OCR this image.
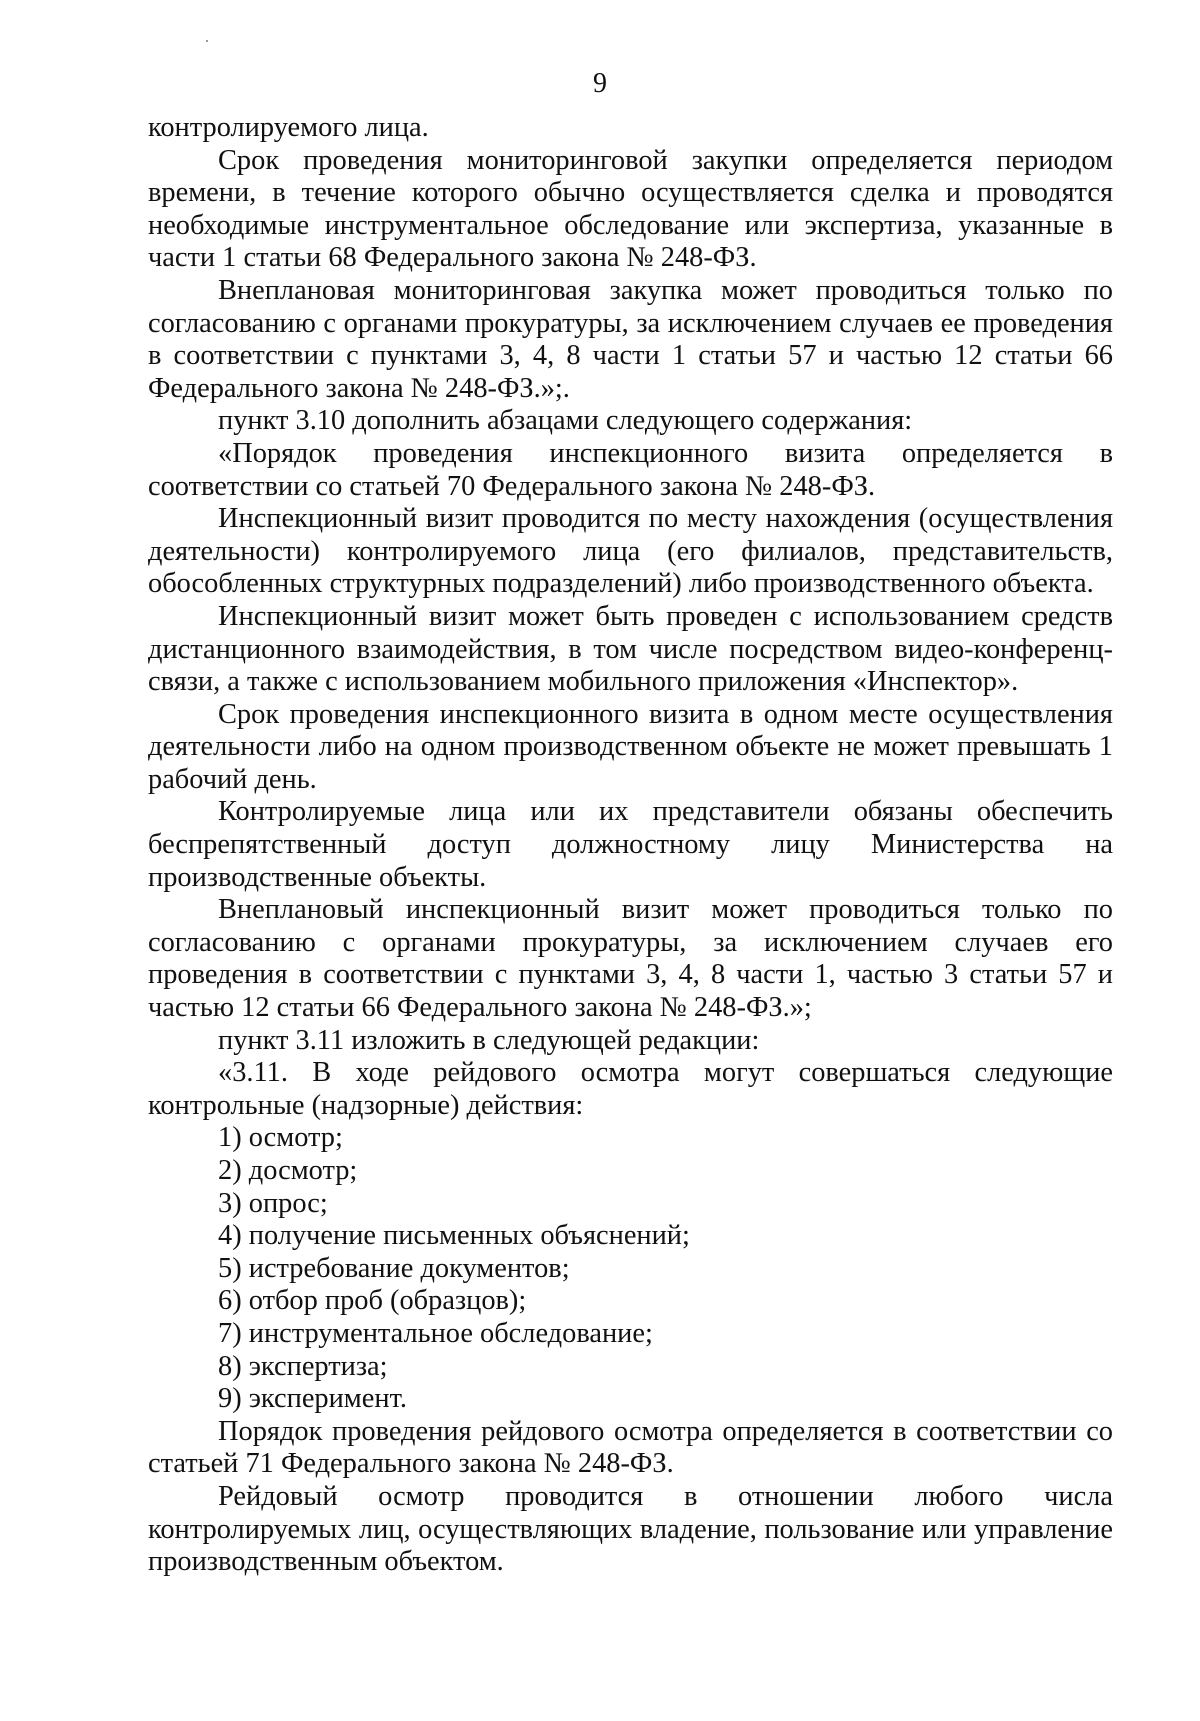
9

контролируемого лица.

Срок проведения мониторинговой закупки определяется периодом времени, в течение которого обычно осуществляется сделка и проводятся необходимые инструментальное обследование или экспертиза, указанные в части 1 статьи 68 Федерального закона № 248-ФЗ.

Внеплановая мониторинговая закупка может проводиться только по согласованию с органами прокуратуры, за исключением случаев ее проведения в соответствии с пунктами 3, 4, 8 части 1 статьи 57 и частью 12 статьи 66 Федерального закона № 248-ФЗ.»;.

пункт 3.10 дополнить абзацами следующего содержания:

«Порядок проведения инспекционного визита определяется в соответствии со статьей 70 Федерального закона № 248-ФЗ.

Инспекционный визит проводится по месту нахождения (осуществления деятельности) контролируемого лица (его филиалов, представительств, обособленных структурных подразделений) либо производственного объекта.

Инспекционный визит может быть проведен с использованием средств дистанционного взаимодействия, в том числе посредством видео-конференц-связи, а также с использованием мобильного приложения «Инспектор».

Срок проведения инспекционного визита в одном месте осуществления деятельности либо на одном производственном объекте не может превышать 1 рабочий день.

Контролируемые лица или их представители обязаны обеспечить беспрепятственный доступ должностному лицу Министерства на производственные объекты.

Внеплановый инспекционный визит может проводиться только по согласованию с органами прокуратуры, за исключением случаев его проведения в соответствии с пунктами 3, 4, 8 части 1, частью 3 статьи 57 и частью 12 статьи 66 Федерального закона № 248-ФЗ.»;

пункт 3.11 изложить в следующей редакции:

«3.11. В ходе рейдового осмотра могут совершаться следующие контрольные (надзорные) действия:

1) осмотр;

2) досмотр;

3) опрос;

4) получение письменных объяснений;

5) истребование документов;

6) отбор проб (образцов);

7) инструментальное обследование;

8) экспертиза;

9) эксперимент.

Порядок проведения рейдового осмотра определяется в соответствии со статьей 71 Федерального закона № 248-ФЗ.

Рейдовый осмотр проводится в отношении любого числа контролируемых лиц, осуществляющих владение, пользование или управление производственным объектом.
